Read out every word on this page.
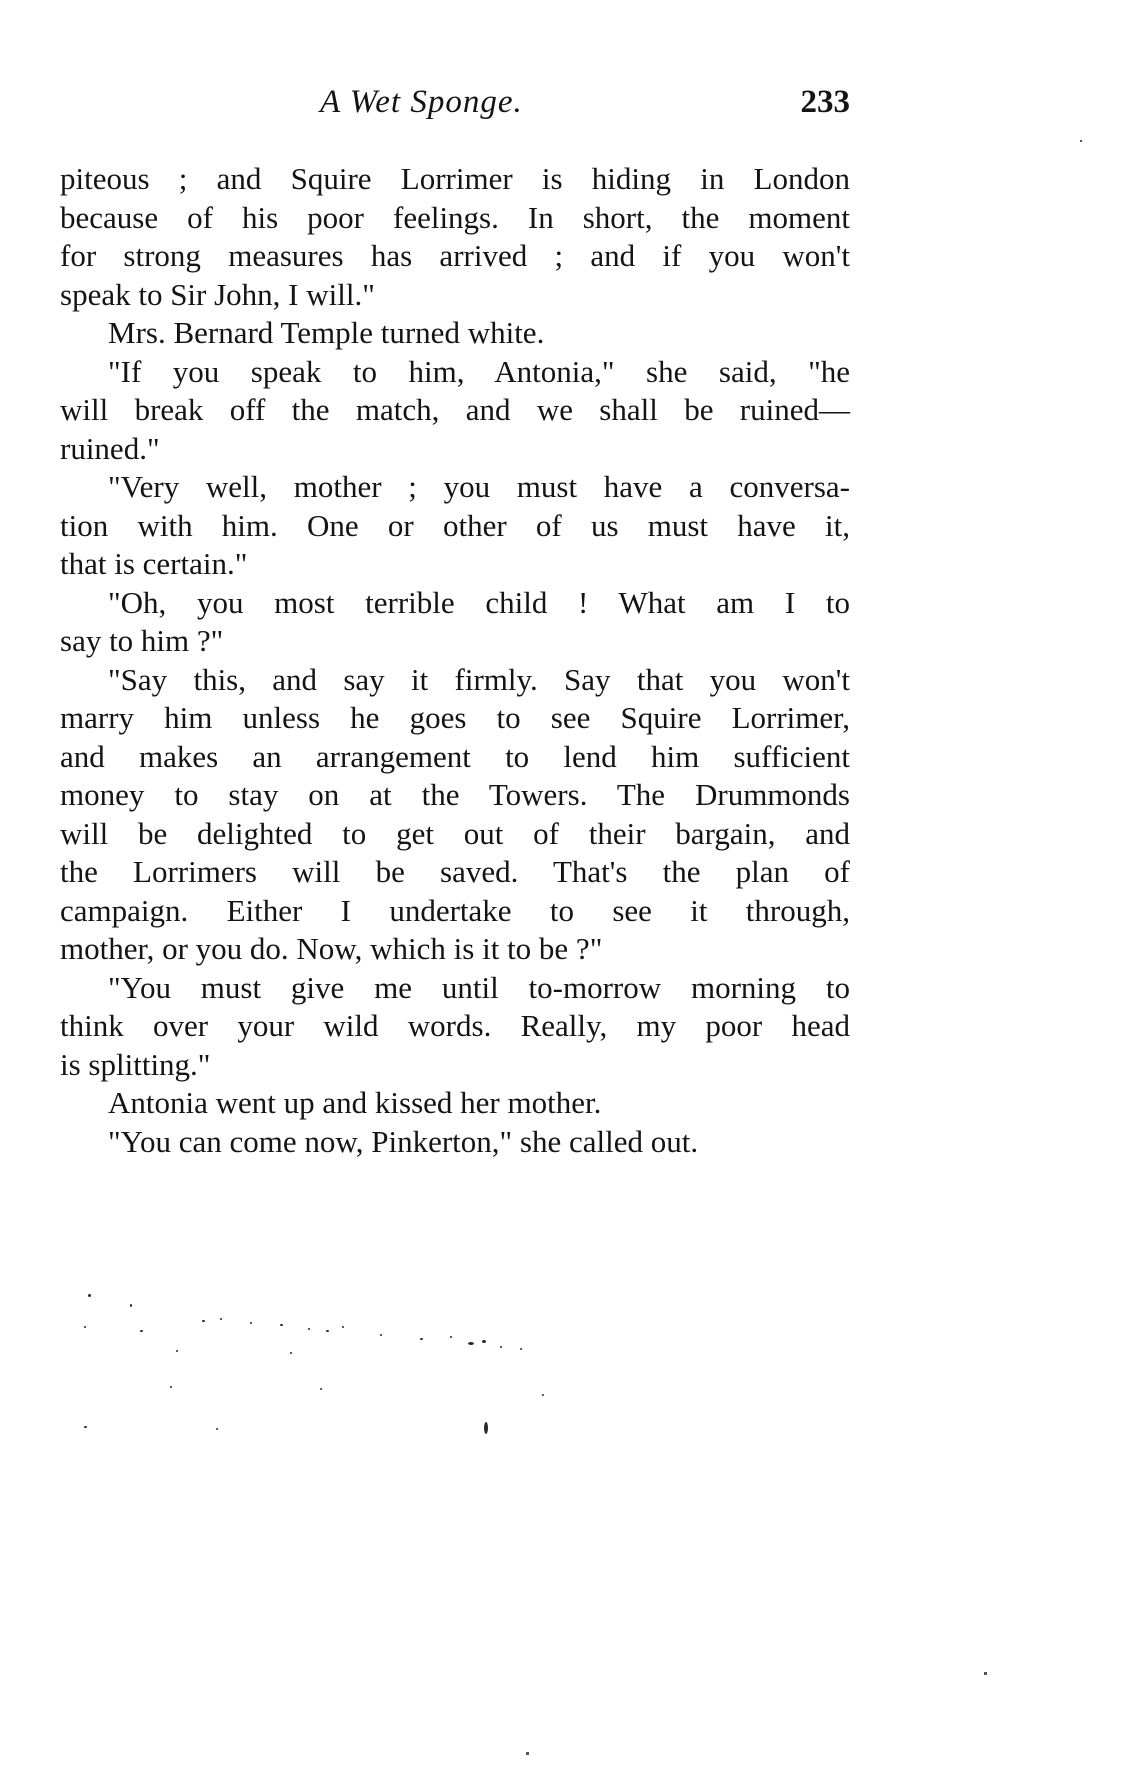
A Wet Sponge.	233
piteous ; and Squire Lorrimer is hiding in London
because of his poor feelings. In short, the moment
for strong measures has arrived ; and if you won't
speak to Sir John, I will."
Mrs. Bernard Temple turned white.
"If you speak to him, Antonia," she said, "he
will break off the match, and we shall be ruined—
ruined."
"Very well, mother ; you must have a conversa-
tion with him. One or other of us must have it,
that is certain."
"Oh, you most terrible child ! What am I to
say to him ?"
"Say this, and say it firmly. Say that you won't
marry him unless he goes to see Squire Lorrimer,
and makes an arrangement to lend him sufficient
money to stay on at the Towers. The Drummonds
will be delighted to get out of their bargain, and
the Lorrimers will be saved. That's the plan of
campaign. Either I undertake to see it through,
mother, or you do. Now, which is it to be ?"
"You must give me until to-morrow morning to
think over your wild words. Really, my poor head
is splitting."
Antonia went up and kissed her mother.
"You can come now, Pinkerton," she called out.
